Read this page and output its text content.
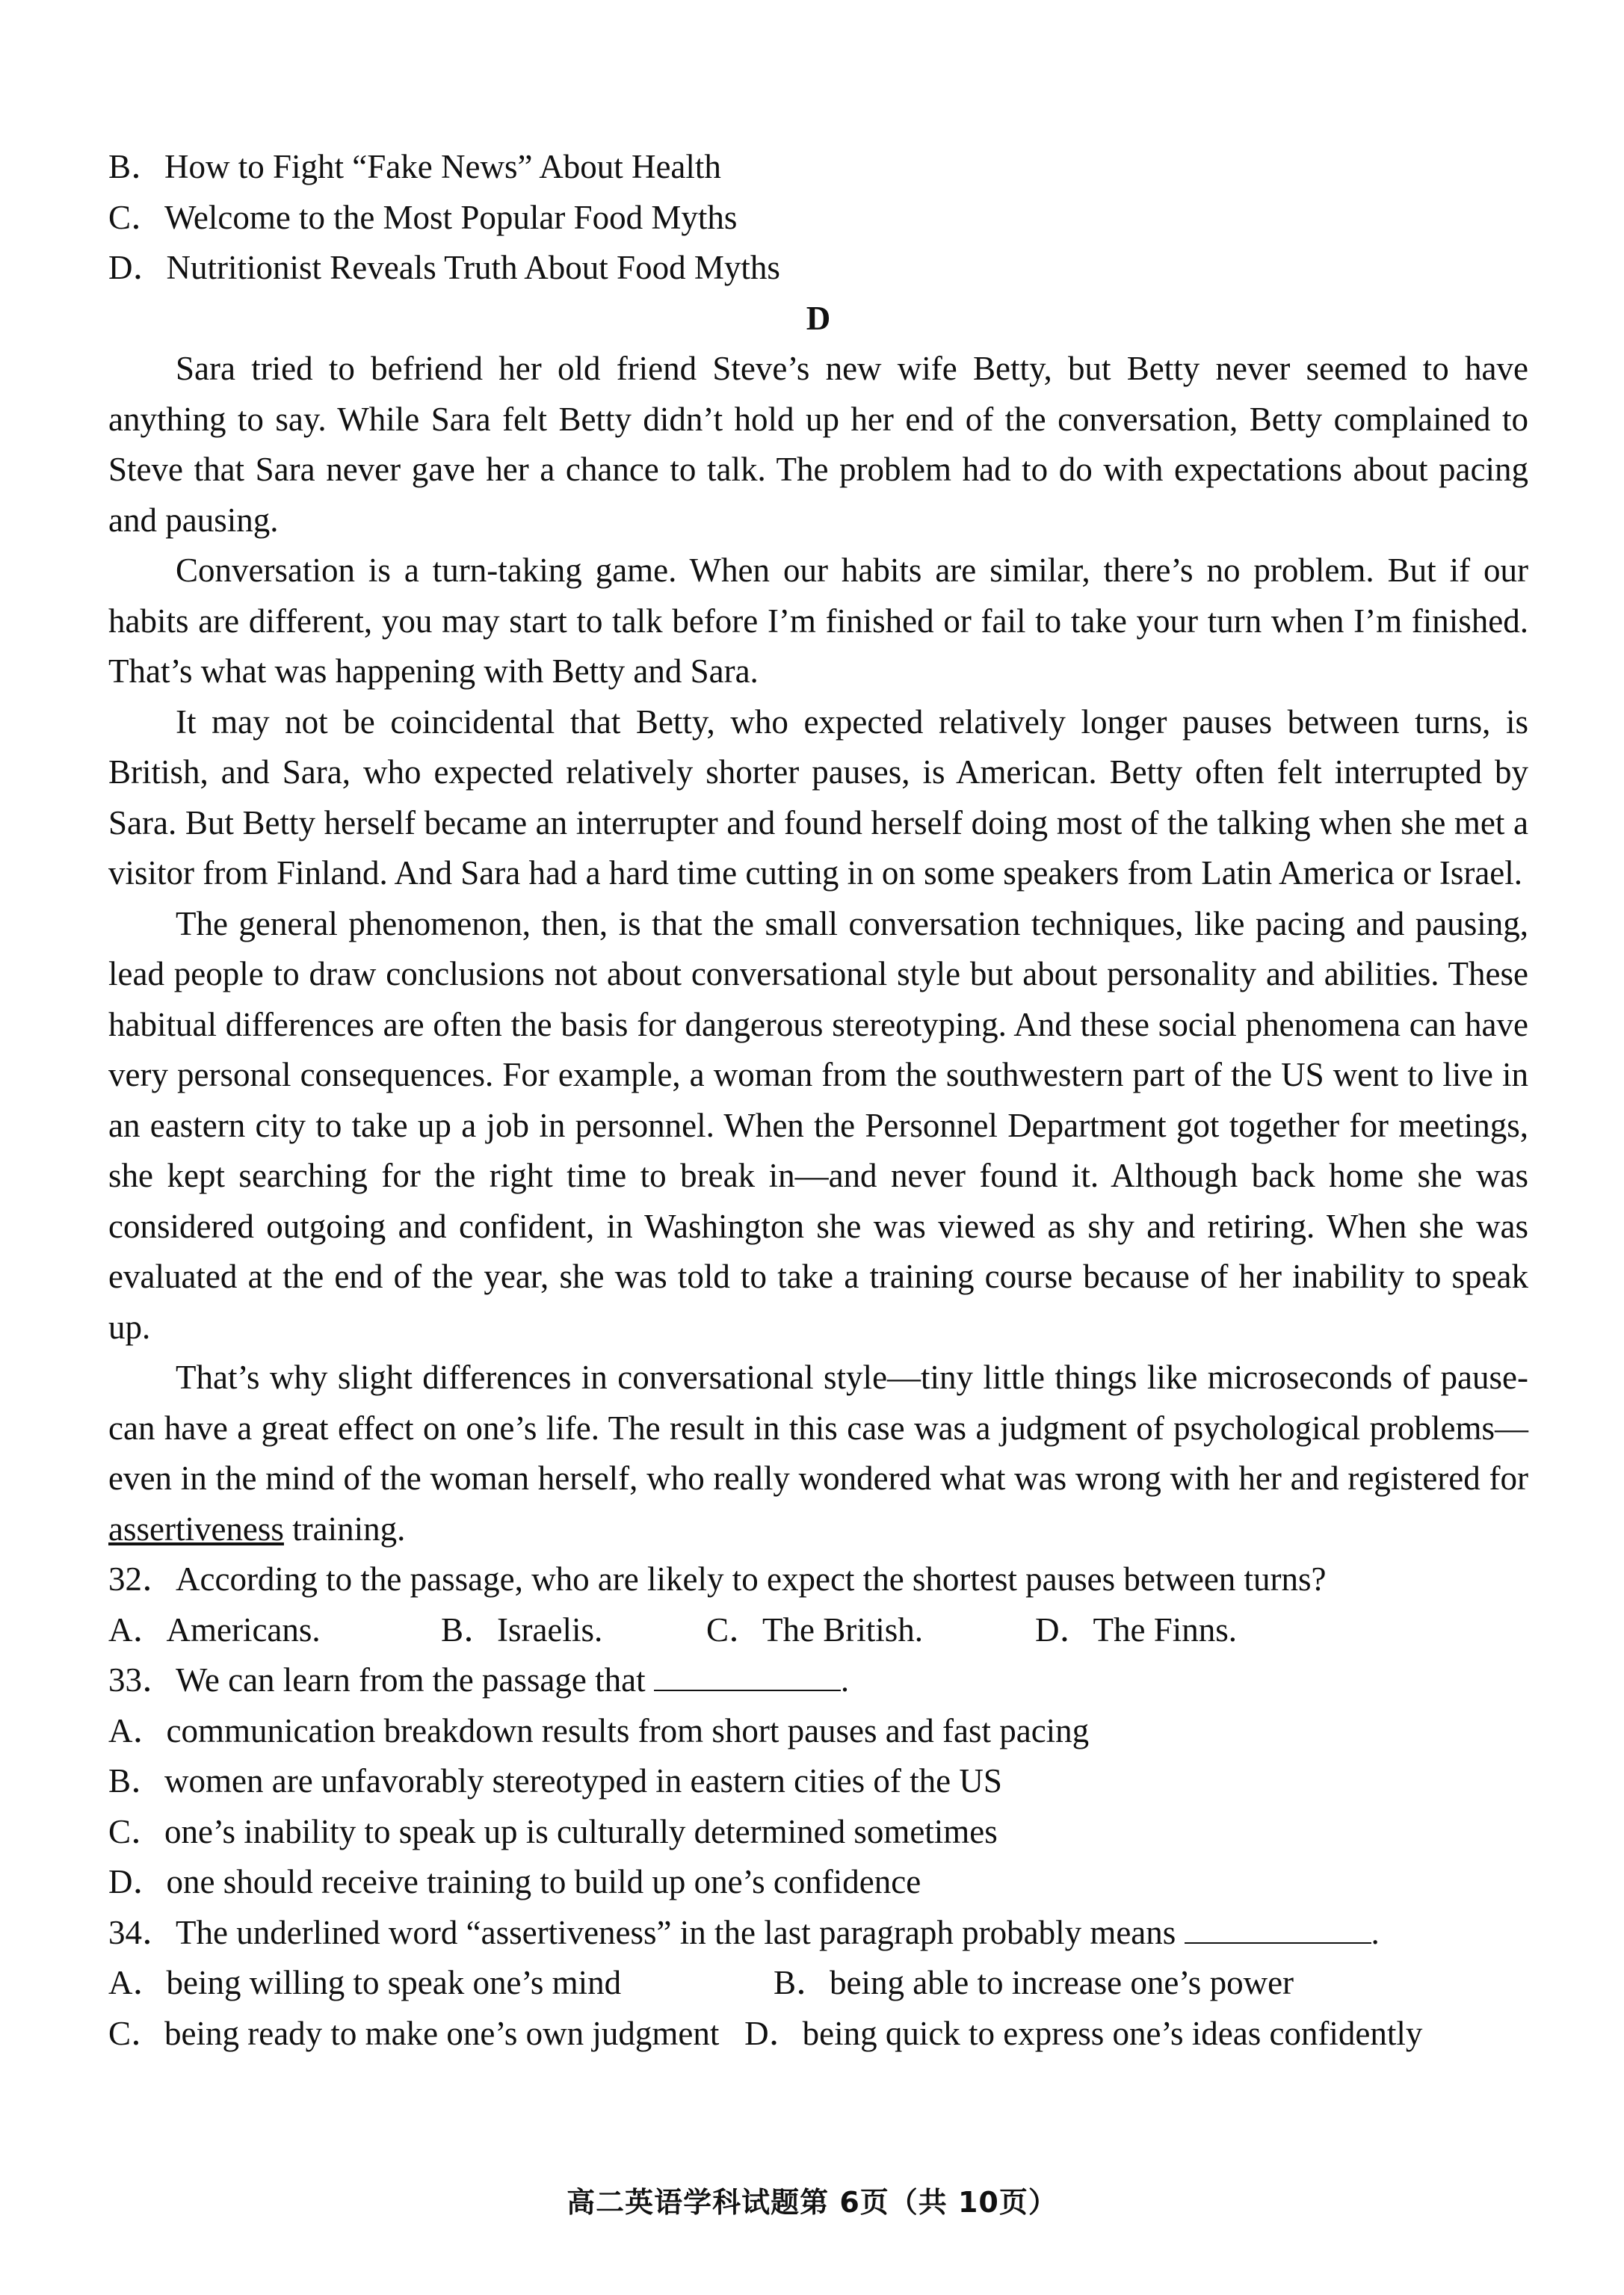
B．How to Fight “Fake News” About Health

C．Welcome to the Most Popular Food Myths

D．Nutritionist Reveals Truth About Food Myths

D

Sara tried to befriend her old friend Steve’s new wife Betty, but Betty never seemed to have anything to say. While Sara felt Betty didn’t hold up her end of the conversation, Betty complained to Steve that Sara never gave her a chance to talk. The problem had to do with expectations about pacing and pausing.

Conversation is a turn-taking game. When our habits are similar, there’s no problem. But if our habits are different, you may start to talk before I’m finished or fail to take your turn when I’m finished. That’s what was happening with Betty and Sara.

It may not be coincidental that Betty, who expected relatively longer pauses between turns, is British, and Sara, who expected relatively shorter pauses, is American. Betty often felt interrupted by Sara. But Betty herself became an interrupter and found herself doing most of the talking when she met a visitor from Finland. And Sara had a hard time cutting in on some speakers from Latin America or Israel.

The general phenomenon, then, is that the small conversation techniques, like pacing and pausing, lead people to draw conclusions not about conversational style but about personality and abilities. These habitual differences are often the basis for dangerous stereotyping. And these social phenomena can have very personal consequences. For example, a woman from the southwestern part of the US went to live in an eastern city to take up a job in personnel. When the Personnel Department got together for meetings, she kept searching for the right time to break in—and never found it. Although back home she was considered outgoing and confident, in Washington she was viewed as shy and retiring. When she was evaluated at the end of the year, she was told to take a training course because of her inability to speak up.

That’s why slight differences in conversational style—tiny little things like microseconds of pause-can have a great effect on one’s life. The result in this case was a judgment of psychological problems—even in the mind of the woman herself, who really wondered what was wrong with her and registered for assertiveness training.

32．According to the passage, who are likely to expect the shortest pauses between turns?

A．Americans.	B．Israelis.	C．The British.	D．The Finns.

33．We can learn from the passage that	.

A．communication breakdown results from short pauses and fast pacing

B．women are unfavorably stereotyped in eastern cities of the US

C．one’s inability to speak up is culturally determined sometimes

D．one should receive training to build up one’s confidence

34．The underlined word “assertiveness” in the last paragraph probably means	.

A．being willing to speak one’s mind	B．being able to increase one’s power

C．being ready to make one’s own judgment D．being quick to express one’s ideas confidently

高二英语学科试题第 6页（共 10页）
